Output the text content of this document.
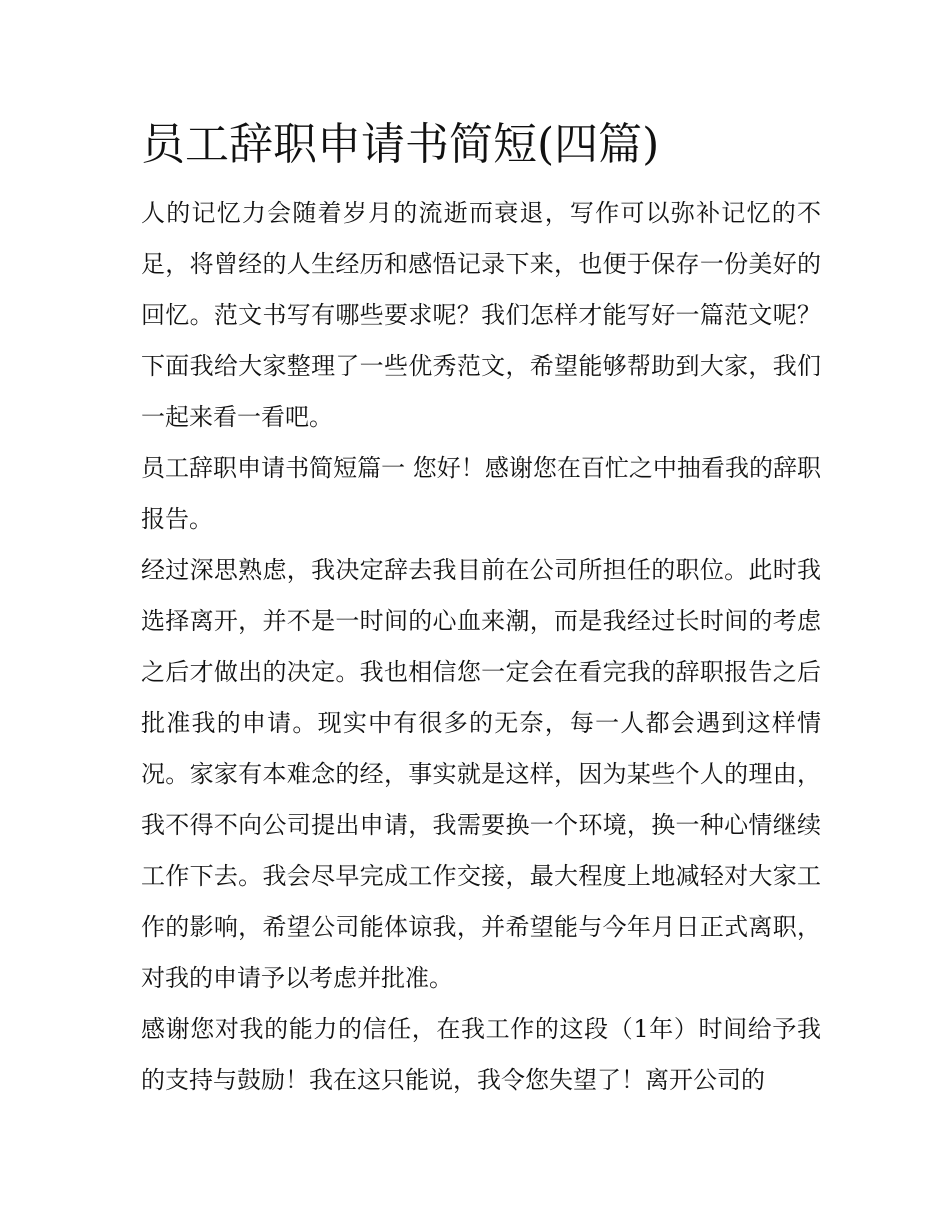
员工辞职申请书简短(四篇)

人的记忆力会随着岁月的流逝而衰退，写作可以弥补记忆的不足，将曾经的人生经历和感悟记录下来，也便于保存一份美好的回忆。范文书写有哪些要求呢？我们怎样才能写好一篇范文呢？下面我给大家整理了一些优秀范文，希望能够帮助到大家，我们一起来看一看吧。

员工辞职申请书简短篇一 您好！感谢您在百忙之中抽看我的辞职报告。

经过深思熟虑，我决定辞去我目前在公司所担任的职位。此时我选择离开，并不是一时间的心血来潮，而是我经过长时间的考虑之后才做出的决定。我也相信您一定会在看完我的辞职报告之后批准我的申请。现实中有很多的无奈，每一人都会遇到这样情况。家家有本难念的经，事实就是这样，因为某些个人的理由，我不得不向公司提出申请，我需要换一个环境，换一种心情继续工作下去。我会尽早完成工作交接，最大程度上地减轻对大家工作的影响，希望公司能体谅我，并希望能与今年月日正式离职，对我的申请予以考虑并批准。

感谢您对我的能力的信任，在我工作的这段（1年）时间给予我的支持与鼓励！我在这只能说，我令您失望了！离开公司的
